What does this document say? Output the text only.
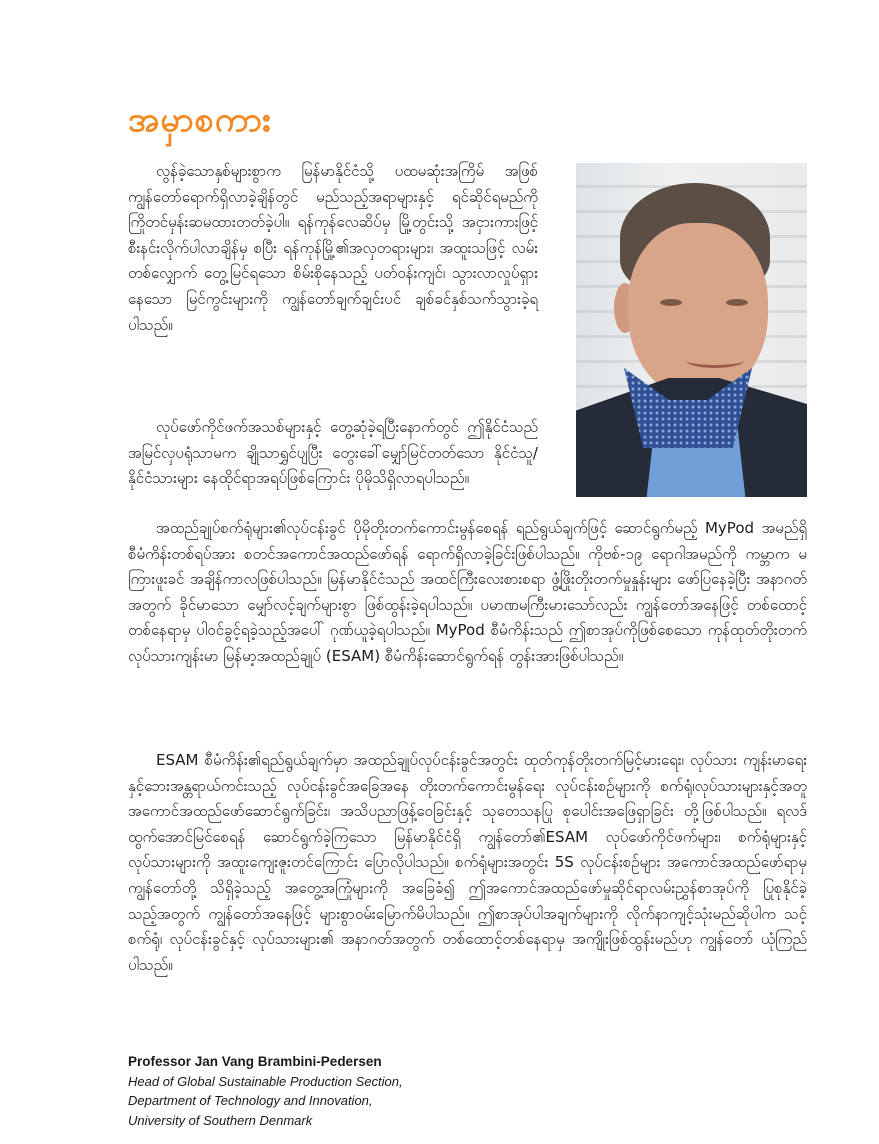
အမှာစကား

လွန်ခဲ့သောနှစ်များစွာက မြန်မာနိုင်ငံသို့ ပထမဆုံးအကြိမ် အဖြစ် ကျွန်တော်ရောက်ရှိလာခဲ့ချိန်တွင် မည်သည့်အရာများနှင့် ရင်ဆိုင်ရမည်ကို ကြိုတင်မှန်းဆမထားတတ်ခဲ့ပါ။ ရန်ကုန်လေဆိပ်မှ မြို့တွင်းသို့ အငှားကားဖြင့် စီးနင်းလိုက်ပါလာချိန်မှ စပြီး ရန်ကုန်မြို့၏အလှတရားများ၊ အထူးသဖြင့် လမ်းတစ်လျှောက် တွေ့မြင်ရသော စိမ်းစိုနေသည့် ပတ်ဝန်းကျင်၊ သွားလာလှုပ်ရှားနေသော မြင်ကွင်းများကို ကျွန်တော်ချက်ချင်းပင် ချစ်ခင်နှစ်သက်သွားခဲ့ရပါသည်။

လုပ်ဖော်ကိုင်ဖက်အသစ်များနှင့် တွေ့ဆုံခဲ့ရပြီးနောက်တွင် ဤနိုင်ငံသည် အမြင်လှပရုံသာမက ချိုသာရွှင်ပျပြီး တွေးခေါ်မျှော်မြင်တတ်သော နိုင်ငံသူ/နိုင်ငံသားများ နေထိုင်ရာအရပ်ဖြစ်ကြောင်း ပိုမိုသိရှိလာရပါသည်။

အထည်ချုပ်စက်ရုံများ၏လုပ်ငန်းခွင် ပိုမိုတိုးတက်ကောင်းမွန်စေရန် ရည်ရွယ်ချက်ဖြင့် ဆောင်ရွက်မည့် MyPod အမည်ရှိ စီမံကိန်းတစ်ရပ်အား စတင်အကောင်အထည်ဖော်ရန် ရောက်ရှိလာခဲ့ခြင်းဖြစ်ပါသည်။ ကိုဗစ်-၁၉ ရောဂါအမည်ကို ကမ္ဘာက မကြားဖူးခင် အချိန်ကာလဖြစ်ပါသည်။ မြန်မာနိုင်ငံသည် အထင်ကြီးလေးစားစရာ ဖွံ့ဖြိုးတိုးတက်မှုနှုန်းများ ဖော်ပြနေခဲ့ပြီး အနာဂတ်အတွက် ခိုင်မာသော မျှော်လင့်ချက်များစွာ ဖြစ်ထွန်းခဲ့ရပါသည်။ ပမာဏမကြီးမားသော်လည်း ကျွန်တော်အနေဖြင့် တစ်ထောင့်တစ်နေရာမှ ပါဝင်ခွင့်ရခဲ့သည့်အပေါ် ဂုဏ်ယူခဲ့ရပါသည်။ MyPod စီမံကိန်းသည် ဤစာအုပ်ကိုဖြစ်စေသော ကုန်ထုတ်တိုးတက် လုပ်သားကျန်းမာ မြန်မာ့အထည်ချုပ် (ESAM) စီမံကိန်းဆောင်ရွက်ရန် တွန်းအားဖြစ်ပါသည်။

ESAM စီမံကိန်း၏ရည်ရွယ်ချက်မှာ အထည်ချုပ်လုပ်ငန်းခွင်အတွင်း ထုတ်ကုန်တိုးတက်မြင့်မားရေး၊ လုပ်သား ကျန်းမာရေးနှင့်ဘေးအန္တရာယ်ကင်းသည့် လုပ်ငန်းခွင်အခြေအနေ တိုးတက်ကောင်းမွန်ရေး လုပ်ငန်းစဉ်များကို စက်ရုံ၊လုပ်သားများနှင့်အတူ အကောင်အထည်ဖော်ဆောင်ရွက်ခြင်း၊ အသိပညာဖြန့်ဝေခြင်းနှင့် သုတေသနပြု စုပေါင်းအဖြေရှာခြင်း တို့ဖြစ်ပါသည်။ ရလဒ်ထွက်အောင်မြင်စေရန် ဆောင်ရွက်ခဲ့ကြသော မြန်မာနိုင်ငံရှိ ကျွန်တော်၏ESAM လုပ်ဖော်ကိုင်ဖက်များ၊ စက်ရုံများနှင့် လုပ်သားများကို အထူးကျေးဇူးတင်ကြောင်း ပြောလိုပါသည်။ စက်ရုံများအတွင်း 5S လုပ်ငန်းစဉ်များ အကောင်အထည်ဖော်ရာမှ ကျွန်တော်တို့ သိရှိခဲ့သည့် အတွေ့အကြုံများကို အခြေခံ၍ ဤအကောင်အထည်ဖော်မှုဆိုင်ရာလမ်းညွှန်စာအုပ်ကို ပြုစုနိုင်ခဲ့သည့်အတွက် ကျွန်တော်အနေဖြင့် များစွာဝမ်းမြောက်မိပါသည်။ ဤစာအုပ်ပါအချက်များကို လိုက်နာကျင့်သုံးမည်ဆိုပါက သင့်စက်ရုံ၊ လုပ်ငန်းခွင်နှင့် လုပ်သားများ၏ အနာဂတ်အတွက် တစ်ထောင့်တစ်နေရာမှ အကျိုးဖြစ်ထွန်းမည်ဟု ကျွန်တော် ယုံကြည်ပါသည်။

Professor Jan Vang Brambini-Pedersen
Head of Global Sustainable Production Section,
Department of Technology and Innovation,
University of Southern Denmark
